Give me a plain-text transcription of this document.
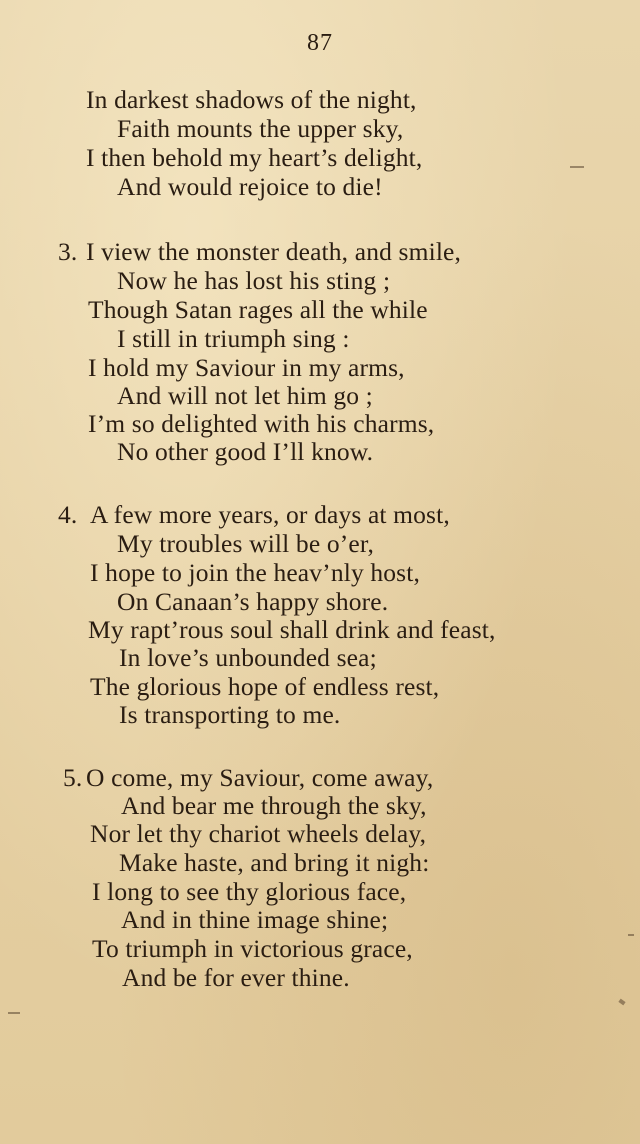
87
In darkest shadows of the night,
Faith mounts the upper sky,
I then behold my heart’s delight,
And would rejoice to die!
3. I view the monster death, and smile,
Now he has lost his sting ;
Though Satan rages all the while
I still in triumph sing :
I hold my Saviour in my arms,
And will not let him go ;
I’m so delighted with his charms,
No other good I’ll know.
4. A few more years, or days at most,
My troubles will be o’er,
I hope to join the heav’nly host,
On Canaan’s happy shore.
My rapt’rous soul shall drink and feast,
In love’s unbounded sea;
The glorious hope of endless rest,
Is transporting to me.
5. O come, my Saviour, come away,
And bear me through the sky,
Nor let thy chariot wheels delay,
Make haste, and bring it nigh:
I long to see thy glorious face,
And in thine image shine;
To triumph in victorious grace,
And be for ever thine.
